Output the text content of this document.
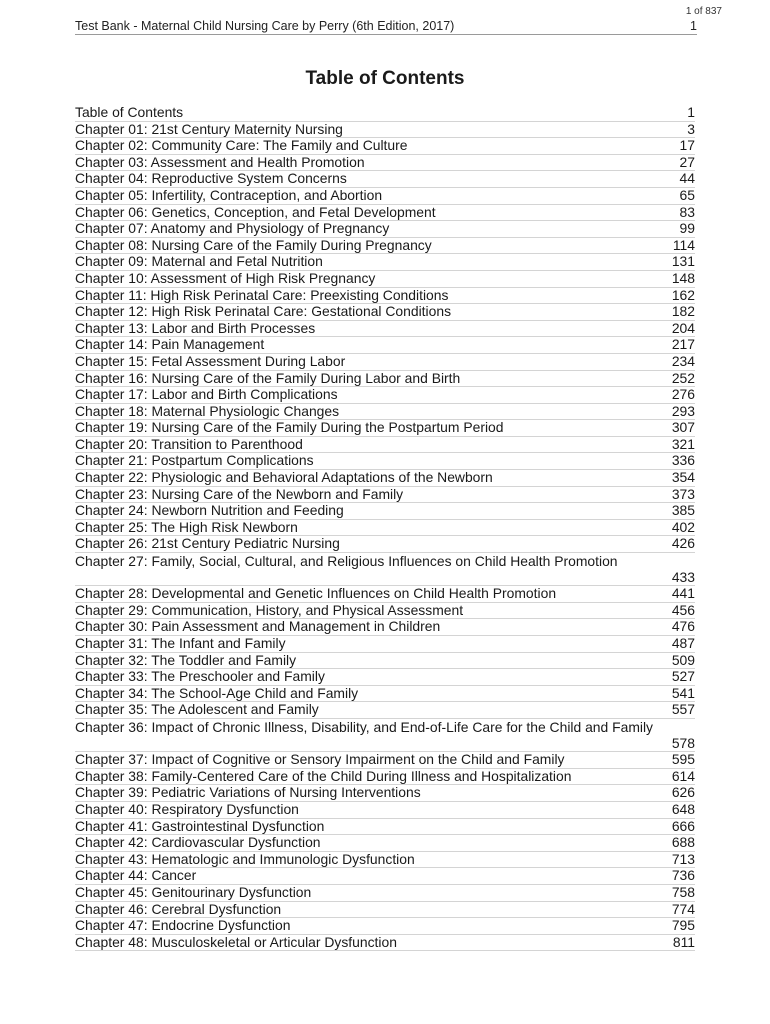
1 of 837
Test Bank - Maternal Child Nursing Care by Perry (6th Edition, 2017)	1
Table of Contents
Table of Contents	1
Chapter 01: 21st Century Maternity Nursing	3
Chapter 02: Community Care: The Family and Culture	17
Chapter 03: Assessment and Health Promotion	27
Chapter 04: Reproductive System Concerns	44
Chapter 05: Infertility, Contraception, and Abortion	65
Chapter 06: Genetics, Conception, and Fetal Development	83
Chapter 07: Anatomy and Physiology of Pregnancy	99
Chapter 08: Nursing Care of the Family During Pregnancy	114
Chapter 09: Maternal and Fetal Nutrition	131
Chapter 10: Assessment of High Risk Pregnancy	148
Chapter 11: High Risk Perinatal Care: Preexisting Conditions	162
Chapter 12: High Risk Perinatal Care: Gestational Conditions	182
Chapter 13: Labor and Birth Processes	204
Chapter 14: Pain Management	217
Chapter 15: Fetal Assessment During Labor	234
Chapter 16: Nursing Care of the Family During Labor and Birth	252
Chapter 17: Labor and Birth Complications	276
Chapter 18: Maternal Physiologic Changes	293
Chapter 19: Nursing Care of the Family During the Postpartum Period	307
Chapter 20: Transition to Parenthood	321
Chapter 21: Postpartum Complications	336
Chapter 22: Physiologic and Behavioral Adaptations of the Newborn	354
Chapter 23: Nursing Care of the Newborn and Family	373
Chapter 24: Newborn Nutrition and Feeding	385
Chapter 25: The High Risk Newborn	402
Chapter 26: 21st Century Pediatric Nursing	426
Chapter 27: Family, Social, Cultural, and Religious Influences on Child Health Promotion
433
Chapter 28: Developmental and Genetic Influences on Child Health Promotion	441
Chapter 29: Communication, History, and Physical Assessment	456
Chapter 30: Pain Assessment and Management in Children	476
Chapter 31: The Infant and Family	487
Chapter 32: The Toddler and Family	509
Chapter 33: The Preschooler and Family	527
Chapter 34: The School-Age Child and Family	541
Chapter 35: The Adolescent and Family	557
Chapter 36: Impact of Chronic Illness, Disability, and End-of-Life Care for the Child and Family
578
Chapter 37: Impact of Cognitive or Sensory Impairment on the Child and Family	595
Chapter 38: Family-Centered Care of the Child During Illness and Hospitalization	614
Chapter 39: Pediatric Variations of Nursing Interventions	626
Chapter 40: Respiratory Dysfunction	648
Chapter 41: Gastrointestinal Dysfunction	666
Chapter 42: Cardiovascular Dysfunction	688
Chapter 43: Hematologic and Immunologic Dysfunction	713
Chapter 44: Cancer	736
Chapter 45: Genitourinary Dysfunction	758
Chapter 46: Cerebral Dysfunction	774
Chapter 47: Endocrine Dysfunction	795
Chapter 48: Musculoskeletal or Articular Dysfunction	811
